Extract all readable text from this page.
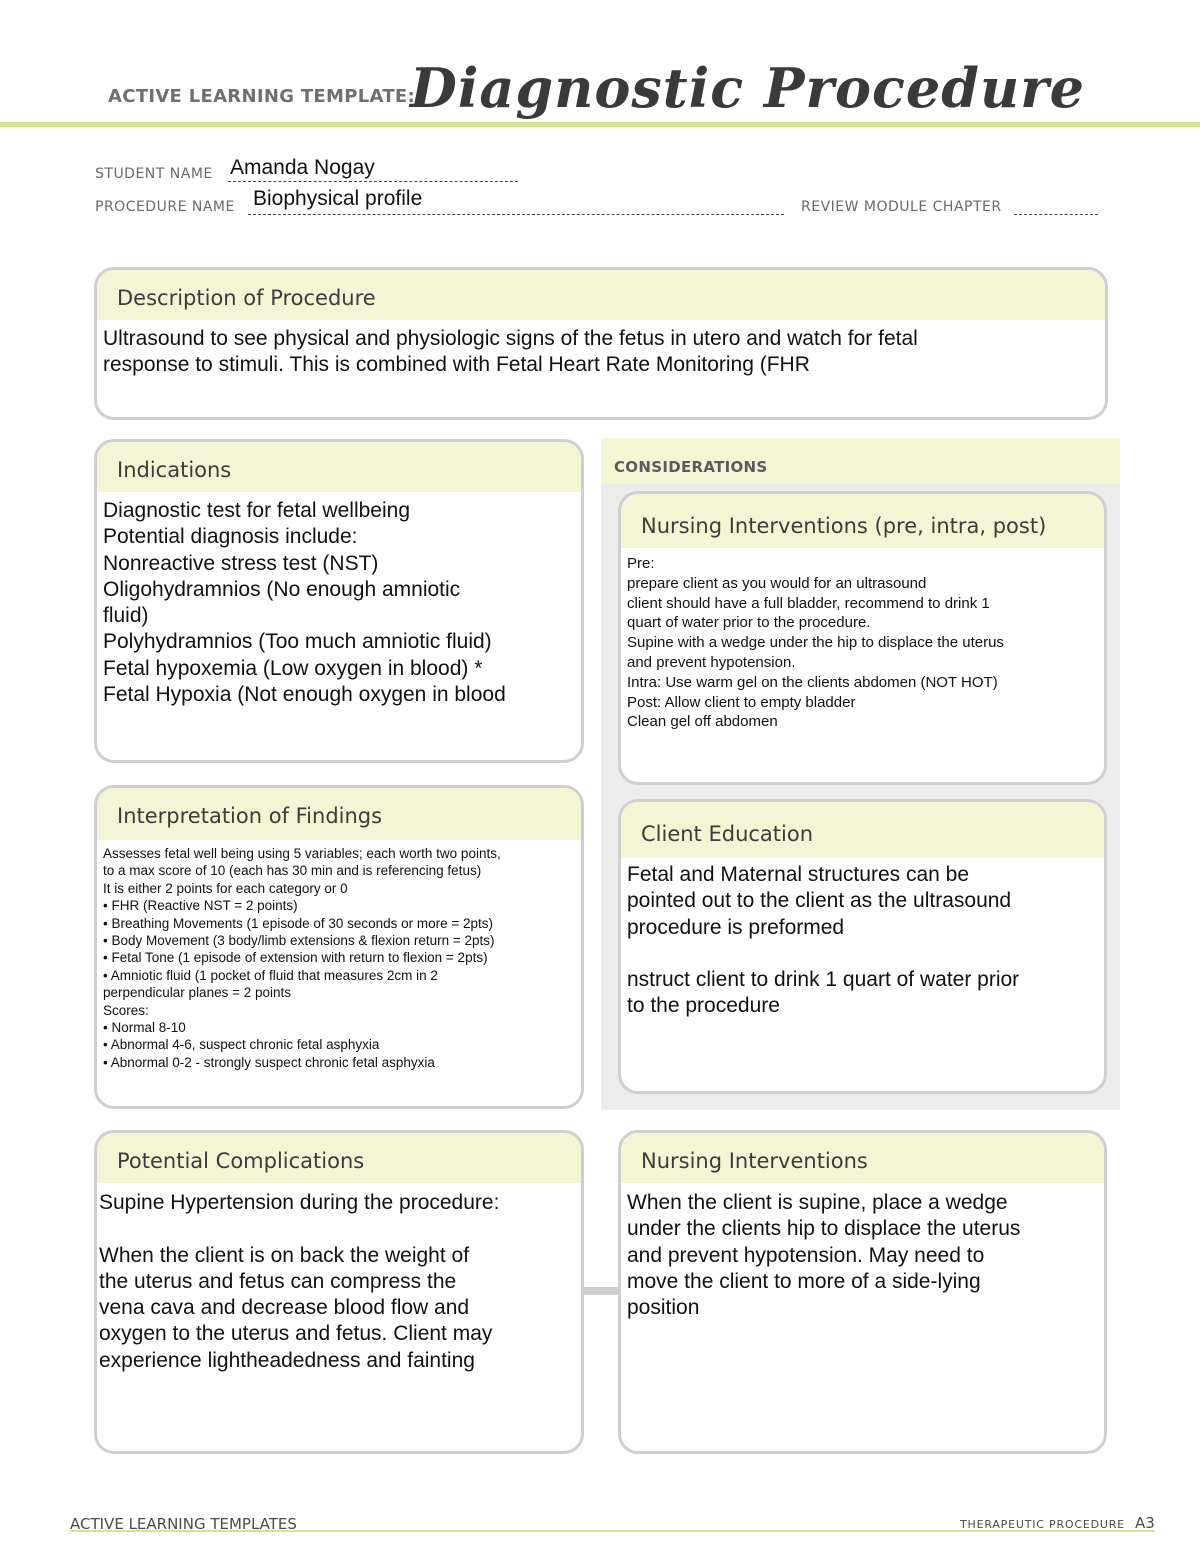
ACTIVE LEARNING TEMPLATE:
Diagnostic Procedure
STUDENT NAME Amanda Nogay
PROCEDURE NAME Biophysical profile	REVIEW MODULE CHAPTER
Description of Procedure
Ultrasound to see physical and physiologic signs of the fetus in utero and watch for fetal
response to stimuli. This is combined with Fetal Heart Rate Monitoring (FHR
Indications
Diagnostic test for fetal wellbeing
Potential diagnosis include:
Nonreactive stress test (NST)
Oligohydramnios (No enough amniotic
fluid)
Polyhydramnios (Too much amniotic fluid)
Fetal hypoxemia (Low oxygen in blood) *
Fetal Hypoxia (Not enough oxygen in blood
CONSIDERATIONS
Nursing Interventions (pre, intra, post)
Pre:
prepare client as you would for an ultrasound
client should have a full bladder, recommend to drink 1
quart of water prior to the procedure.
Supine with a wedge under the hip to displace the uterus
and prevent hypotension.
Intra: Use warm gel on the clients abdomen (NOT HOT)
Post: Allow client to empty bladder
Clean gel off abdomen
Interpretation of Findings
Assesses fetal well being using 5 variables; each worth two points,
to a max score of 10 (each has 30 min and is referencing fetus)
It is either 2 points for each category or 0
• FHR (Reactive NST = 2 points)
• Breathing Movements (1 episode of 30 seconds or more = 2pts)
• Body Movement (3 body/limb extensions & flexion return = 2pts)
• Fetal Tone (1 episode of extension with return to flexion = 2pts)
• Amniotic fluid (1 pocket of fluid that measures 2cm in 2
perpendicular planes = 2 points
Scores:
• Normal 8-10
• Abnormal 4-6, suspect chronic fetal asphyxia
• Abnormal 0-2 - strongly suspect chronic fetal asphyxia
Client Education
Fetal and Maternal structures can be
pointed out to the client as the ultrasound
procedure is preformed

nstruct client to drink 1 quart of water prior
to the procedure
Potential Complications
Supine Hypertension during the procedure:

When the client is on back the weight of
the uterus and fetus can compress the
vena cava and decrease blood flow and
oxygen to the uterus and fetus. Client may
experience lightheadedness and fainting
Nursing Interventions
When the client is supine, place a wedge
under the clients hip to displace the uterus
and prevent hypotension. May need to
move the client to more of a side-lying
position
ACTIVE LEARNING TEMPLATES	THERAPEUTIC PROCEDURE A3
